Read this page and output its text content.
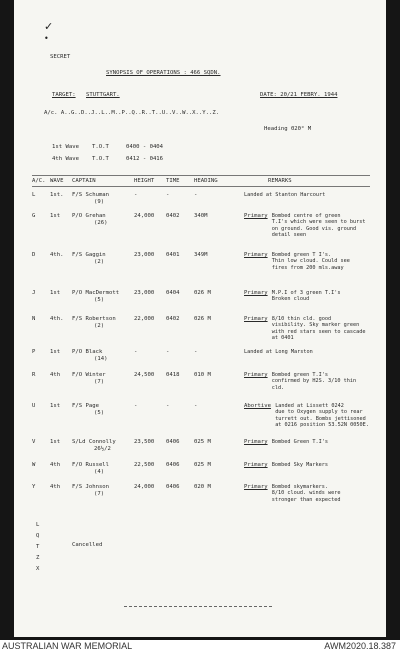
✓
•
SECRET
SYNOPSIS OF OPERATIONS : 466 SQDN.
TARGET: STUTTGART.	DATE: 20/21 FEBRY. 1944
A/c. A..G..D..J..L..M..P..Q..R..T..U..V..W..X..Y..Z.
Heading 020° M
1st Wave T.O.T	0400 - 0404
4th Wave T.O.T	0412 - 0416
A/C. WAVE CAPTAIN	HEIGHT TIME	HEADING	REMARKS
L	1st. F/S Schuman
(9)
-	-	-	Landed at Stanton Harcourt
G	1st P/O Grehan
(26)
24,000 0402	340M	Primary Bombed centre of green
T.I's which were seen to burst
on ground. Good vis. ground
detail seen
D	4th. F/S Gaggin
(2)
23,000 0401	349M	Primary Bombed green T I's.
Thin low cloud. Could see
fires from 200 mls.away
J	1st P/O MacDermott
(5)
23,000 0404	026 M	Primary M.P.I of 3 green T.I's
Broken cloud
N	4th. F/S Robertson
(2)
22,000 0402	026 M	Primary 8/10 thin cld. good
visibility. Sky marker green
with red stars seen to cascade
at 0401
P	1st P/O Black
(14)
-	-	-	Landed at Long Marston
R	4th F/O Winter
(7)
24,500 0418	010 M	Primary Bombed green T.I's
confirmed by H2S. 3/10 thin
cld.
U	1st F/S Page
(5)
-	-	-	Abortive Landed at Lissett 0242
due to Oxygen supply to rear
turrett out. Bombs jettisoned
at 0216 position 53.52N 0050E.
V	1st S/Ld Connolly
26½/2
23,500 0406	025 M	Primary Bombed Green T.I's
W	4th F/O Russell
(4)
22,500 0406	025 M	Primary Bombed Sky Markers
Y	4th F/S Johnson
(7)
24,000 0406	020 M	Primary Bombed skymarkers.
8/10 cloud. winds were
stronger than expected
L
Q
T
Z
X
Cancelled
AUSTRALIAN WAR MEMORIAL	AWM2020.18.387
